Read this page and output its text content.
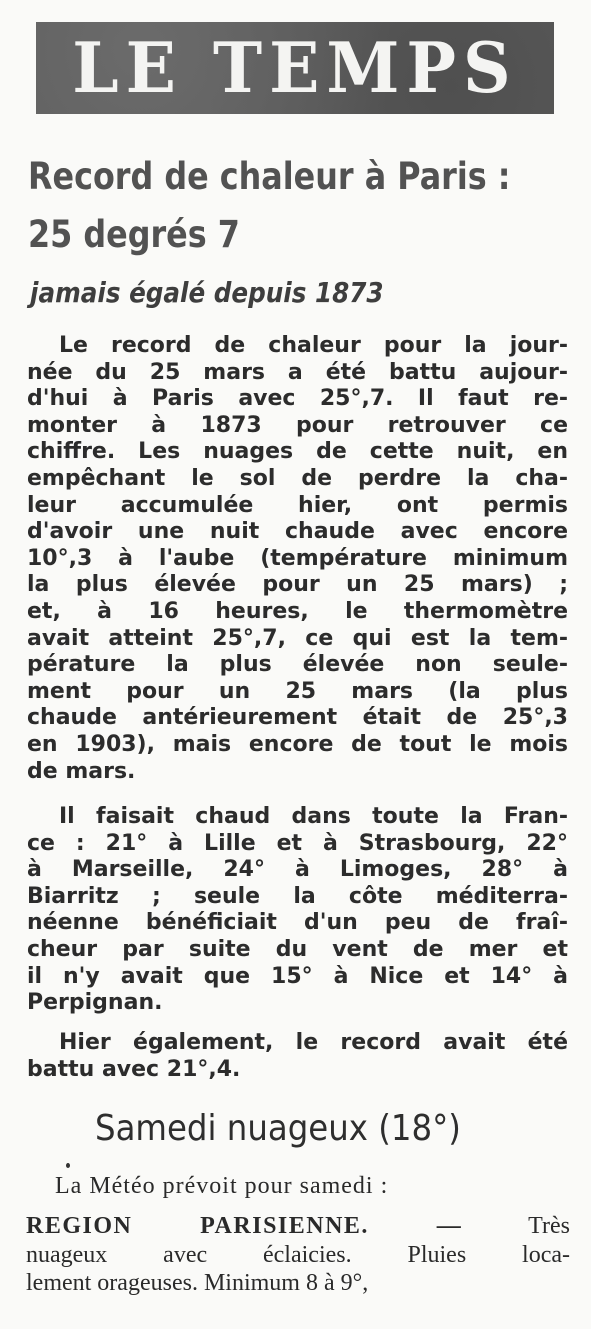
LE TEMPS
Record de chaleur à Paris :
25 degrés 7
jamais égalé depuis 1873
Le record de chaleur pour la jour-
née du 25 mars a été battu aujour-
d'hui à Paris avec 25°,7. Il faut re-
monter à 1873 pour retrouver ce
chiffre. Les nuages de cette nuit, en
empêchant le sol de perdre la cha-
leur accumulée hier, ont permis
d'avoir une nuit chaude avec encore
10°,3 à l'aube (température minimum
la plus élevée pour un 25 mars) ;
et, à 16 heures, le thermomètre
avait atteint 25°,7, ce qui est la tem-
pérature la plus élevée non seule-
ment pour un 25 mars (la plus
chaude antérieurement était de 25°,3
en 1903), mais encore de tout le mois
de mars.
Il faisait chaud dans toute la Fran-
ce : 21° à Lille et à Strasbourg, 22°
à Marseille, 24° à Limoges, 28° à
Biarritz ; seule la côte méditerra-
néenne bénéficiait d'un peu de fraî-
cheur par suite du vent de mer et
il n'y avait que 15° à Nice et 14° à
Perpignan.
Hier également, le record avait été
battu avec 21°,4.
Samedi nuageux (18°)
La Météo prévoit pour samedi :
REGION PARISIENNE. —	Très
nuageux avec éclaicies. Pluies loca-
lement orageuses. Minimum 8 à 9°,
